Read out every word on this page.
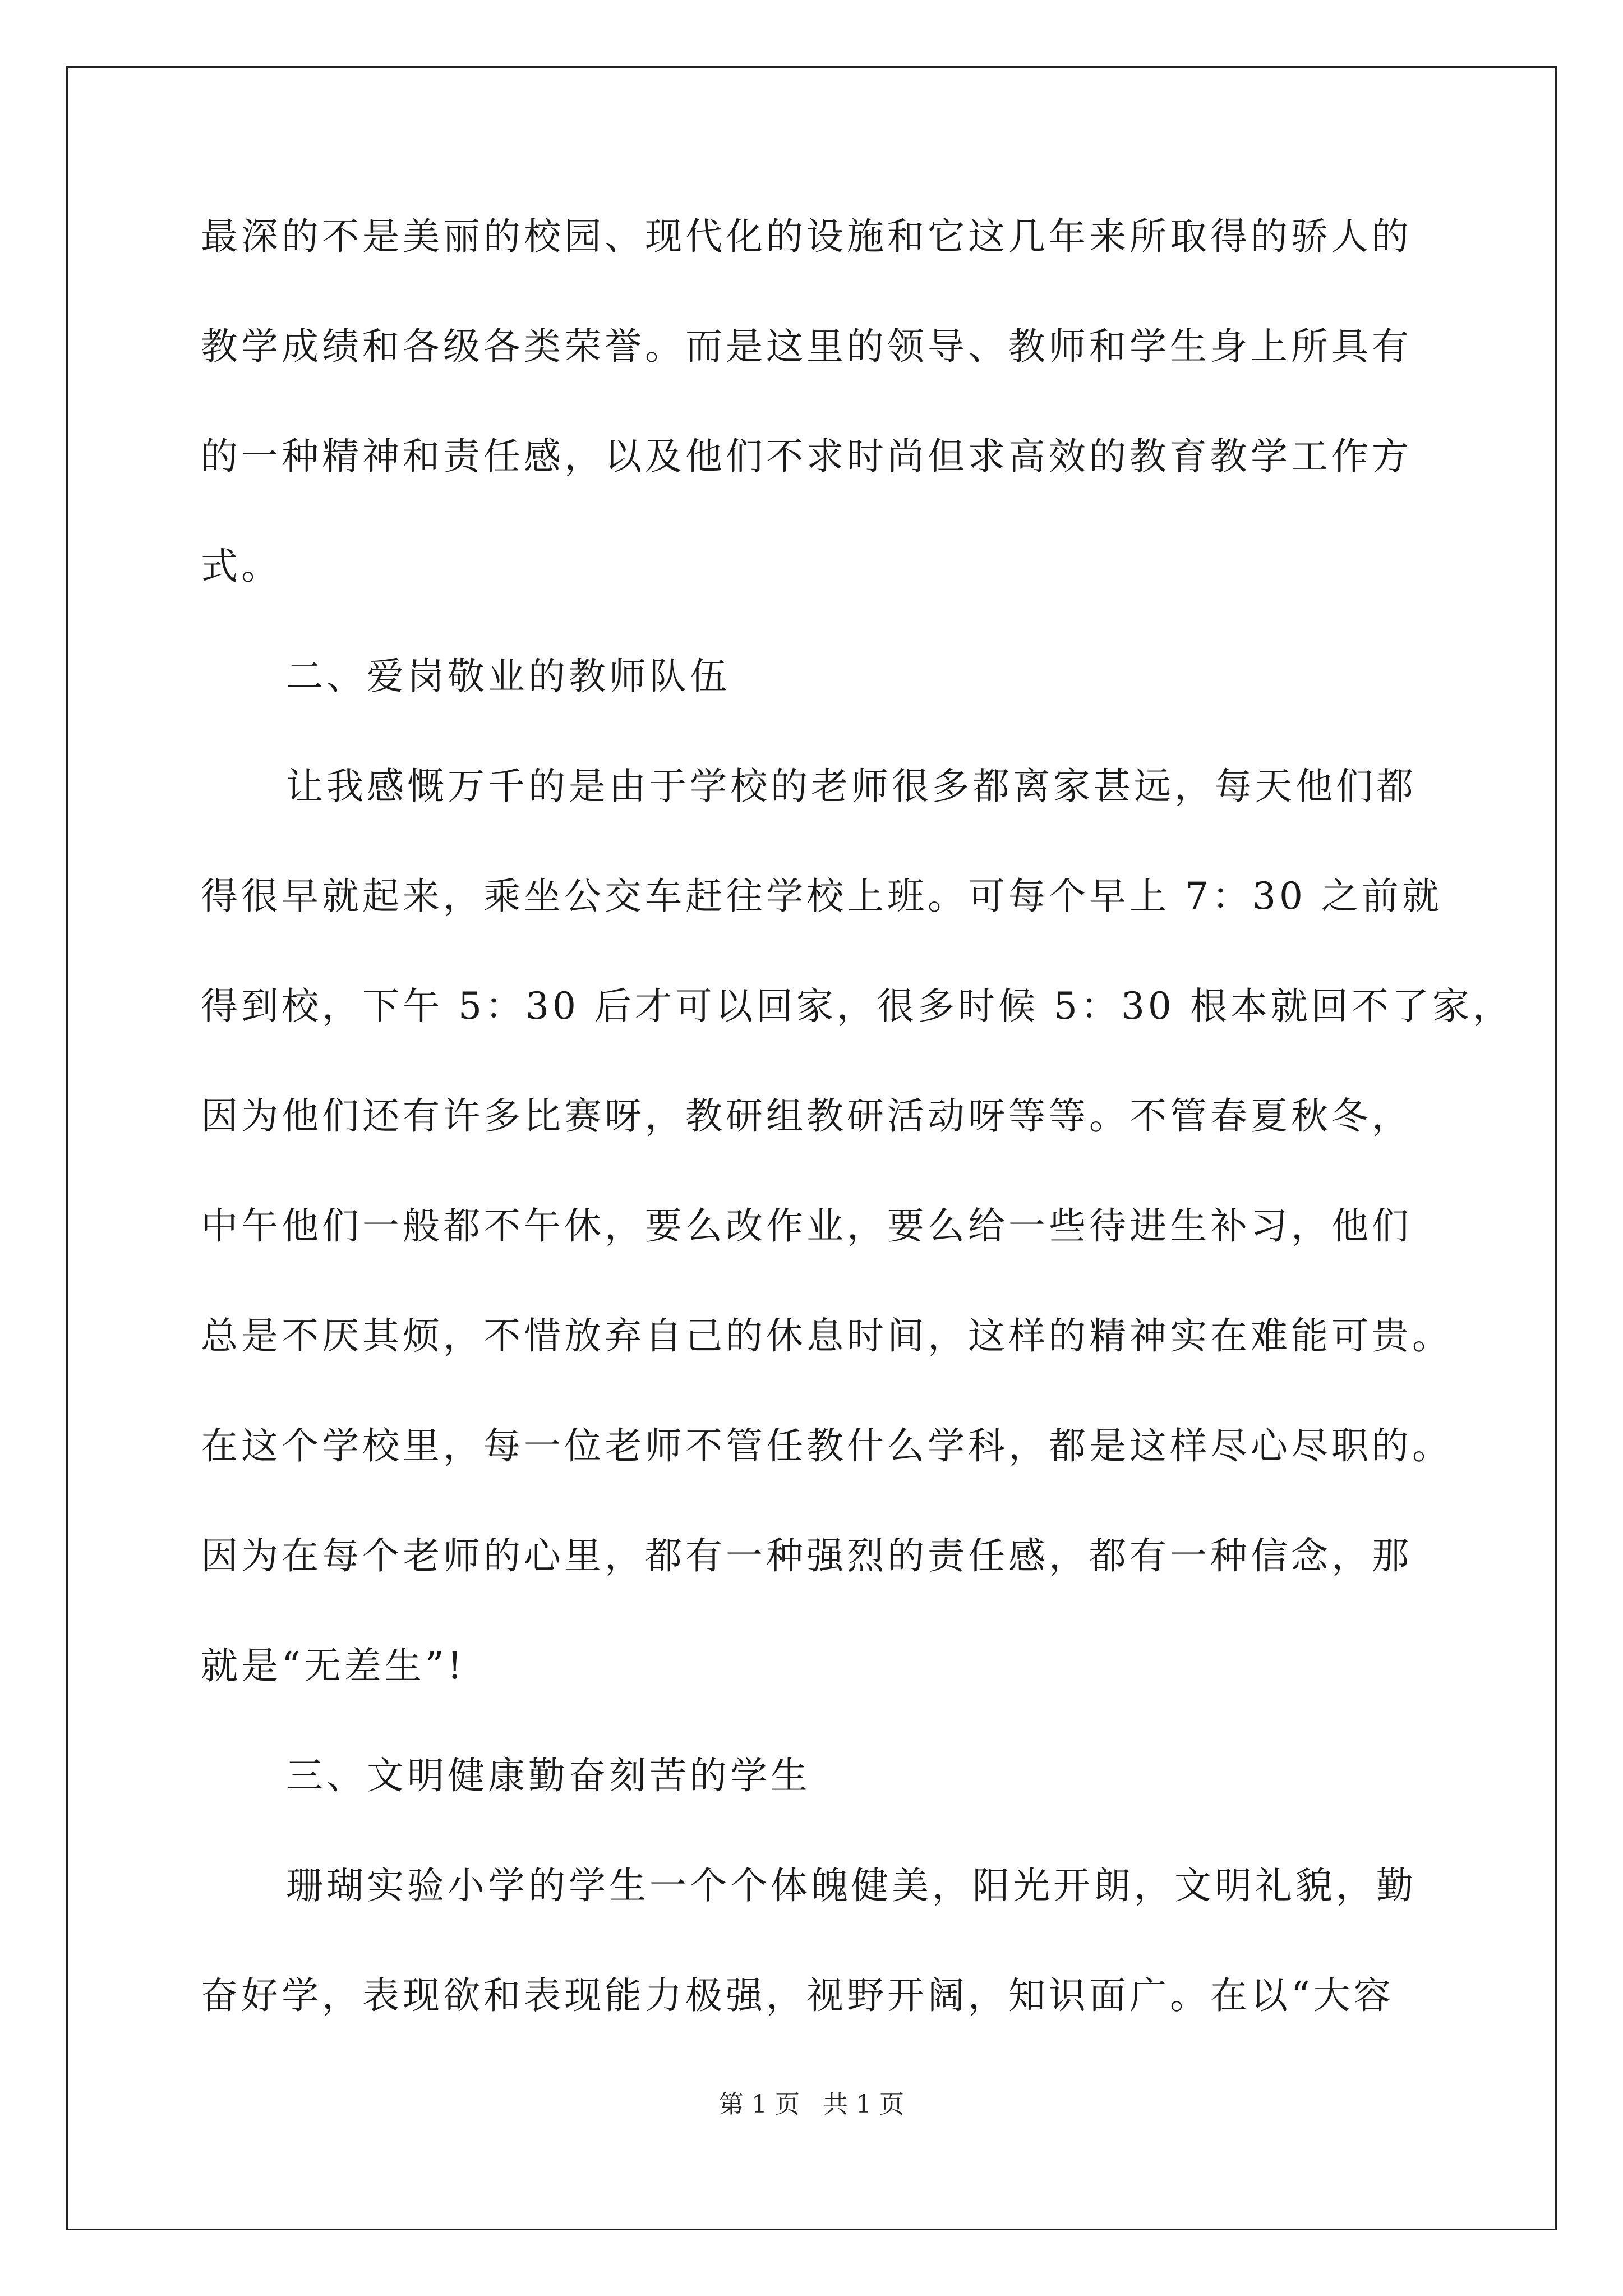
最深的不是美丽的校园、现代化的设施和它这几年来所取得的骄人的
教学成绩和各级各类荣誉。而是这里的领导、教师和学生身上所具有
的一种精神和责任感，以及他们不求时尚但求高效的教育教学工作方
式。
二、爱岗敬业的教师队伍
让我感慨万千的是由于学校的老师很多都离家甚远，每天他们都
得很早就起来，乘坐公交车赶往学校上班。可每个早上 7：30 之前就
得到校，下午 5：30 后才可以回家，很多时候 5：30 根本就回不了家，
因为他们还有许多比赛呀，教研组教研活动呀等等。不管春夏秋冬，
中午他们一般都不午休，要么改作业，要么给一些待进生补习，他们
总是不厌其烦，不惜放弃自己的休息时间，这样的精神实在难能可贵。
在这个学校里，每一位老师不管任教什么学科，都是这样尽心尽职的。
因为在每个老师的心里，都有一种强烈的责任感，都有一种信念，那
就是“无差生”!
三、文明健康勤奋刻苦的学生
珊瑚实验小学的学生一个个体魄健美，阳光开朗，文明礼貌，勤
奋好学，表现欲和表现能力极强，视野开阔，知识面广。在以“大容
第 1 页 共 1 页
